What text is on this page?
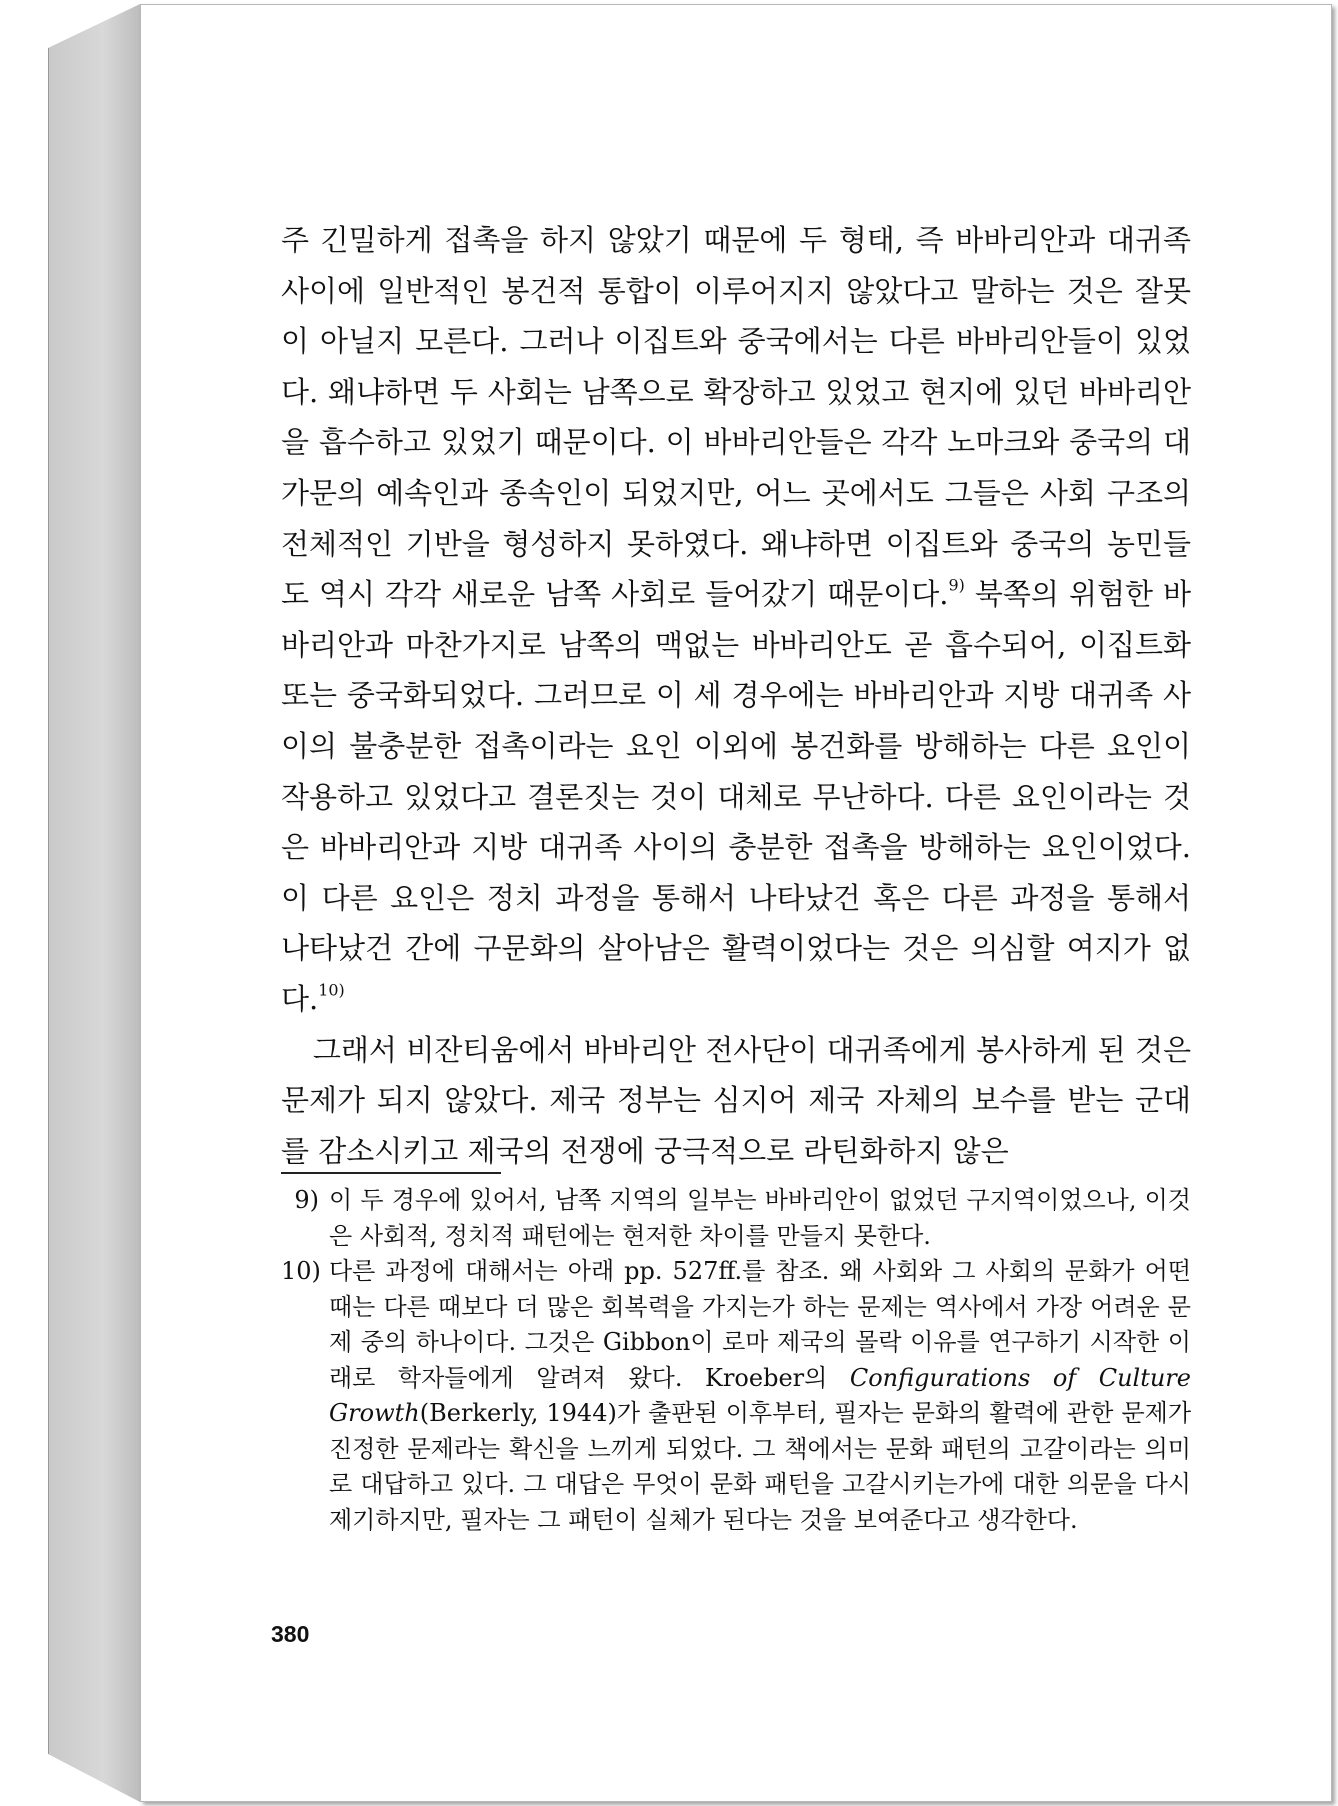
주 긴밀하게 접촉을 하지 않았기 때문에 두 형태, 즉 바바리안과 대귀족 사이에 일반적인 봉건적 통합이 이루어지지 않았다고 말하는 것은 잘못이 아닐지 모른다. 그러나 이집트와 중국에서는 다른 바바리안들이 있었다. 왜냐하면 두 사회는 남쪽으로 확장하고 있었고 현지에 있던 바바리안을 흡수하고 있었기 때문이다. 이 바바리안들은 각각 노마크와 중국의 대가문의 예속인과 종속인이 되었지만, 어느 곳에서도 그들은 사회 구조의 전체적인 기반을 형성하지 못하였다. 왜냐하면 이집트와 중국의 농민들도 역시 각각 새로운 남쪽 사회로 들어갔기 때문이다.$^{9)}$ 북쪽의 위험한 바바리안과 마찬가지로 남쪽의 맥없는 바바리안도 곧 흡수되어, 이집트화 또는 중국화되었다. 그러므로 이 세 경우에는 바바리안과 지방 대귀족 사이의 불충분한 접촉이라는 요인 이외에 봉건화를 방해하는 다른 요인이 작용하고 있었다고 결론짓는 것이 대체로 무난하다. 다른 요인이라는 것은 바바리안과 지방 대귀족 사이의 충분한 접촉을 방해하는 요인이었다. 이 다른 요인은 정치 과정을 통해서 나타났건 혹은 다른 과정을 통해서 나타났건 간에 구문화의 살아남은 활력이었다는 것은 의심할 여지가 없다.$^{10)}$

그래서 비잔티움에서 바바리안 전사단이 대귀족에게 봉사하게 된 것은 문제가 되지 않았다. 제국 정부는 심지어 제국 자체의 보수를 받는 군대를 감소시키고 제국의 전쟁에 궁극적으로 라틴화하지 않은

9) 이 두 경우에 있어서, 남쪽 지역의 일부는 바바리안이 없었던 구지역이었으나, 이것은 사회적, 정치적 패턴에는 현저한 차이를 만들지 못한다.
10) 다른 과정에 대해서는 아래 pp. 527ff.를 참조. 왜 사회와 그 사회의 문화가 어떤 때는 다른 때보다 더 많은 회복력을 가지는가 하는 문제는 역사에서 가장 어려운 문제 중의 하나이다. 그것은 Gibbon이 로마 제국의 몰락 이유를 연구하기 시작한 이래로 학자들에게 알려져 왔다. Kroeber의 Configurations of Culture Growth(Berkerly, 1944)가 출판된 이후부터, 필자는 문화의 활력에 관한 문제가 진정한 문제라는 확신을 느끼게 되었다. 그 책에서는 문화 패턴의 고갈이라는 의미로 대답하고 있다. 그 대답은 무엇이 문화 패턴을 고갈시키는가에 대한 의문을 다시 제기하지만, 필자는 그 패턴이 실체가 된다는 것을 보여준다고 생각한다.
380
